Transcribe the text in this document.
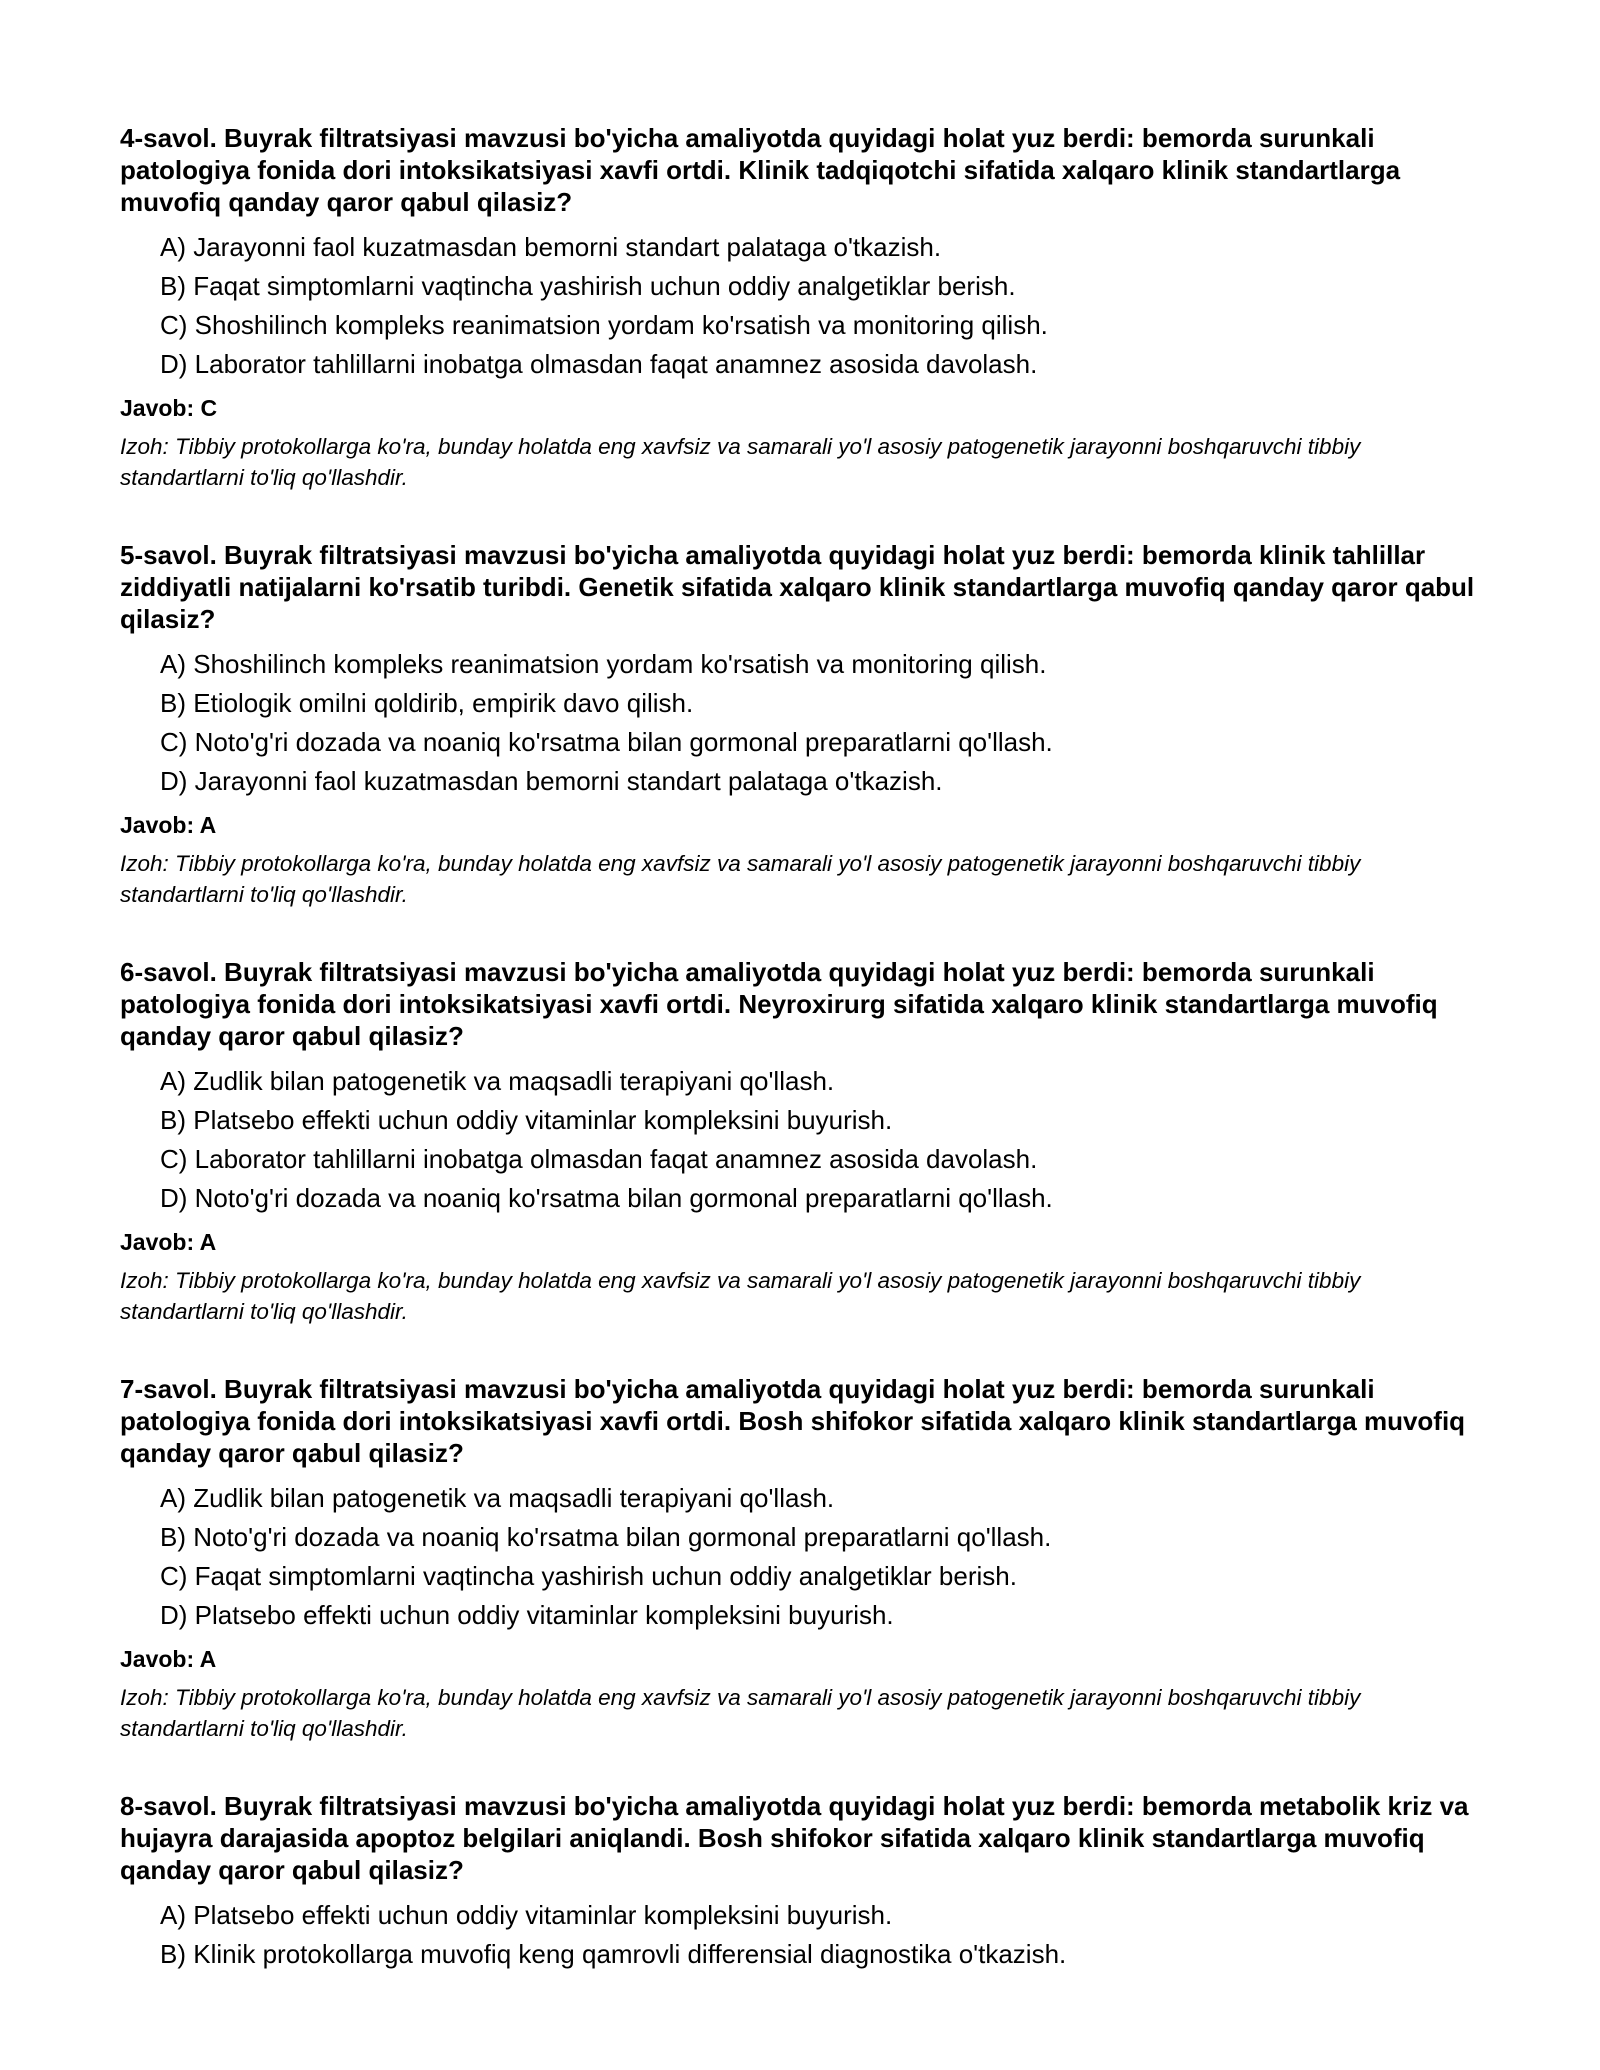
4-savol. Buyrak filtratsiyasi mavzusi bo'yicha amaliyotda quyidagi holat yuz berdi: bemorda surunkali patologiya fonida dori intoksikatsiyasi xavfi ortdi. Klinik tadqiqotchi sifatida xalqaro klinik standartlarga muvofiq qanday qaror qabul qilasiz?
A) Jarayonni faol kuzatmasdan bemorni standart palataga o'tkazish.
B) Faqat simptomlarni vaqtincha yashirish uchun oddiy analgetiklar berish.
C) Shoshilinch kompleks reanimatsion yordam ko'rsatish va monitoring qilish.
D) Laborator tahlillarni inobatga olmasdan faqat anamnez asosida davolash.
Javob: C
Izoh: Tibbiy protokollarga ko'ra, bunday holatda eng xavfsiz va samarali yo'l asosiy patogenetik jarayonni boshqaruvchi tibbiy standartlarni to'liq qo'llashdir.
5-savol. Buyrak filtratsiyasi mavzusi bo'yicha amaliyotda quyidagi holat yuz berdi: bemorda klinik tahlillar ziddiyatli natijalarni ko'rsatib turibdi. Genetik sifatida xalqaro klinik standartlarga muvofiq qanday qaror qabul qilasiz?
A) Shoshilinch kompleks reanimatsion yordam ko'rsatish va monitoring qilish.
B) Etiologik omilni qoldirib, empirik davo qilish.
C) Noto'g'ri dozada va noaniq ko'rsatma bilan gormonal preparatlarni qo'llash.
D) Jarayonni faol kuzatmasdan bemorni standart palataga o'tkazish.
Javob: A
Izoh: Tibbiy protokollarga ko'ra, bunday holatda eng xavfsiz va samarali yo'l asosiy patogenetik jarayonni boshqaruvchi tibbiy standartlarni to'liq qo'llashdir.
6-savol. Buyrak filtratsiyasi mavzusi bo'yicha amaliyotda quyidagi holat yuz berdi: bemorda surunkali patologiya fonida dori intoksikatsiyasi xavfi ortdi. Neyroxirurg sifatida xalqaro klinik standartlarga muvofiq qanday qaror qabul qilasiz?
A) Zudlik bilan patogenetik va maqsadli terapiyani qo'llash.
B) Platsebo effekti uchun oddiy vitaminlar kompleksini buyurish.
C) Laborator tahlillarni inobatga olmasdan faqat anamnez asosida davolash.
D) Noto'g'ri dozada va noaniq ko'rsatma bilan gormonal preparatlarni qo'llash.
Javob: A
Izoh: Tibbiy protokollarga ko'ra, bunday holatda eng xavfsiz va samarali yo'l asosiy patogenetik jarayonni boshqaruvchi tibbiy standartlarni to'liq qo'llashdir.
7-savol. Buyrak filtratsiyasi mavzusi bo'yicha amaliyotda quyidagi holat yuz berdi: bemorda surunkali patologiya fonida dori intoksikatsiyasi xavfi ortdi. Bosh shifokor sifatida xalqaro klinik standartlarga muvofiq qanday qaror qabul qilasiz?
A) Zudlik bilan patogenetik va maqsadli terapiyani qo'llash.
B) Noto'g'ri dozada va noaniq ko'rsatma bilan gormonal preparatlarni qo'llash.
C) Faqat simptomlarni vaqtincha yashirish uchun oddiy analgetiklar berish.
D) Platsebo effekti uchun oddiy vitaminlar kompleksini buyurish.
Javob: A
Izoh: Tibbiy protokollarga ko'ra, bunday holatda eng xavfsiz va samarali yo'l asosiy patogenetik jarayonni boshqaruvchi tibbiy standartlarni to'liq qo'llashdir.
8-savol. Buyrak filtratsiyasi mavzusi bo'yicha amaliyotda quyidagi holat yuz berdi: bemorda metabolik kriz va hujayra darajasida apoptoz belgilari aniqlandi. Bosh shifokor sifatida xalqaro klinik standartlarga muvofiq qanday qaror qabul qilasiz?
A) Platsebo effekti uchun oddiy vitaminlar kompleksini buyurish.
B) Klinik protokollarga muvofiq keng qamrovli differensial diagnostika o'tkazish.
